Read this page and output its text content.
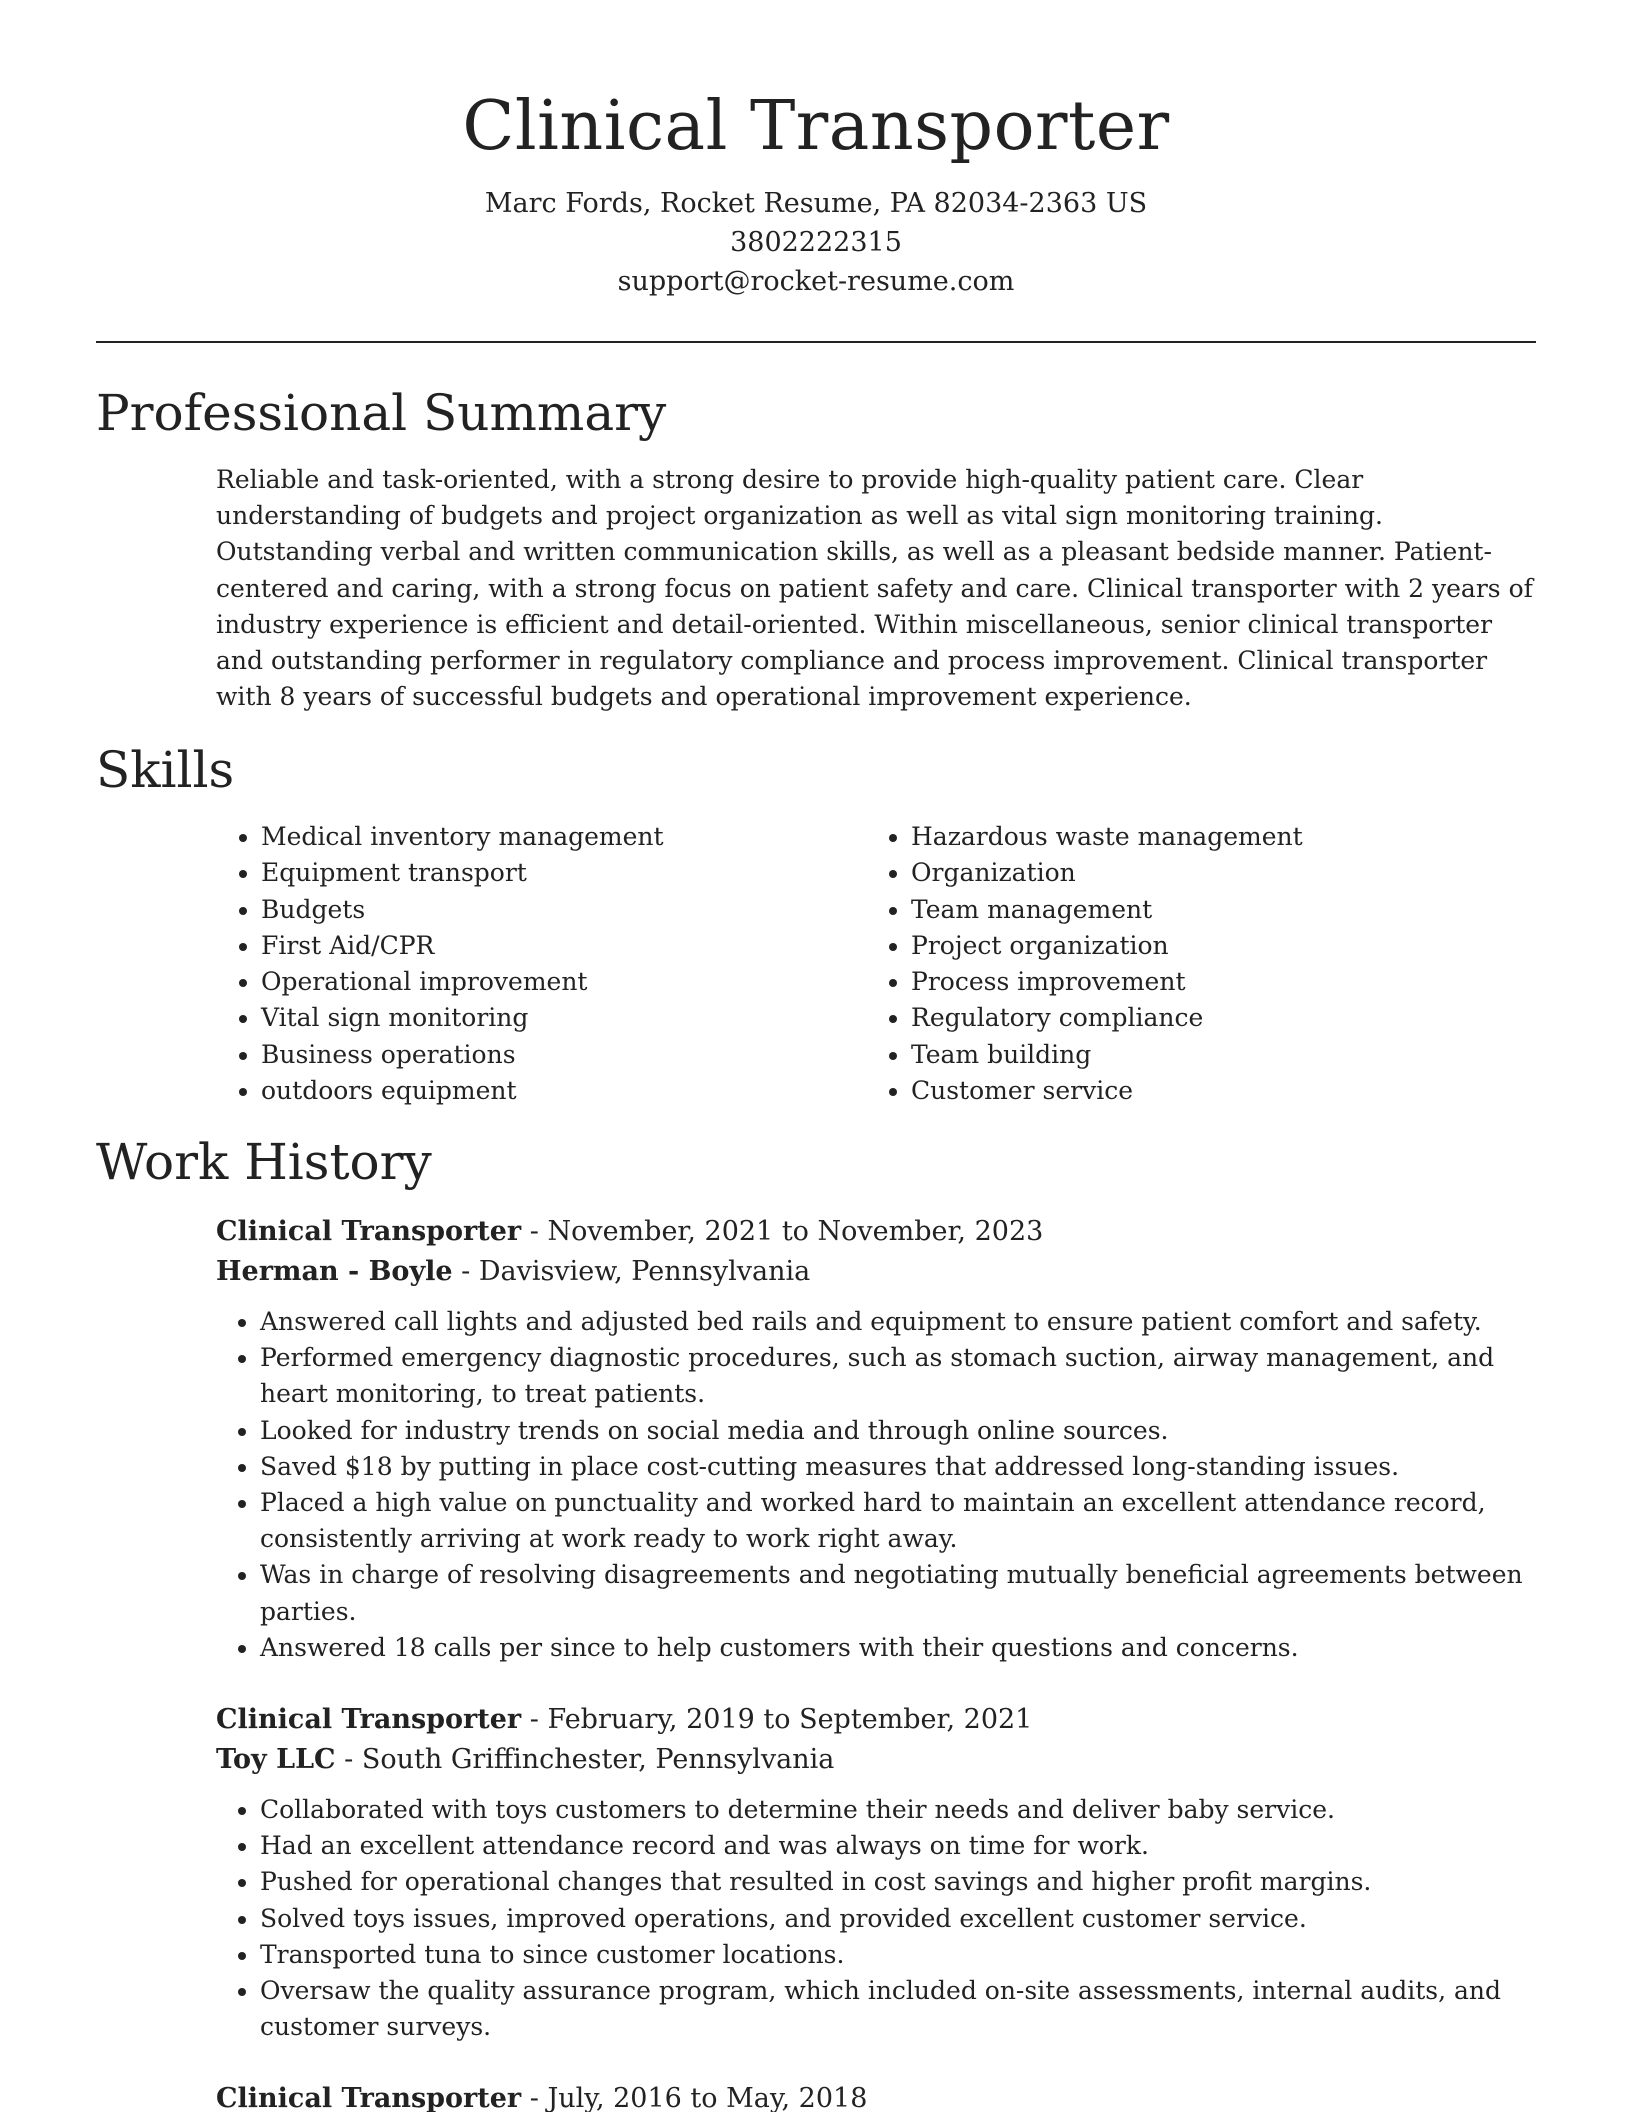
Clinical Transporter
Marc Fords, Rocket Resume, PA 82034-2363 US
3802222315
support@rocket-resume.com
Professional Summary

Reliable and task-oriented, with a strong desire to provide high-quality patient care. Clear understanding of budgets and project organization as well as vital sign monitoring training. Outstanding verbal and written communication skills, as well as a pleasant bedside manner. Patient-centered and caring, with a strong focus on patient safety and care. Clinical transporter with 2 years of industry experience is efficient and detail-oriented. Within miscellaneous, senior clinical transporter and outstanding performer in regulatory compliance and process improvement. Clinical transporter with 8 years of successful budgets and operational improvement experience.

Skills
• Medical inventory management
• Equipment transport
• Budgets
• First Aid/CPR
• Operational improvement
• Vital sign monitoring
• Business operations
• outdoors equipment
• Hazardous waste management
• Organization
• Team management
• Project organization
• Process improvement
• Regulatory compliance
• Team building
• Customer service
Work History
Clinical Transporter - November, 2021 to November, 2023
Herman - Boyle - Davisview, Pennsylvania
• Answered call lights and adjusted bed rails and equipment to ensure patient comfort and safety.
• Performed emergency diagnostic procedures, such as stomach suction, airway management, and heart monitoring, to treat patients.
• Looked for industry trends on social media and through online sources.
• Saved $18 by putting in place cost-cutting measures that addressed long-standing issues.
• Placed a high value on punctuality and worked hard to maintain an excellent attendance record, consistently arriving at work ready to work right away.
• Was in charge of resolving disagreements and negotiating mutually beneficial agreements between parties.
• Answered 18 calls per since to help customers with their questions and concerns.
Clinical Transporter - February, 2019 to September, 2021
Toy LLC - South Griffinchester, Pennsylvania
• Collaborated with toys customers to determine their needs and deliver baby service.
• Had an excellent attendance record and was always on time for work.
• Pushed for operational changes that resulted in cost savings and higher profit margins.
• Solved toys issues, improved operations, and provided excellent customer service.
• Transported tuna to since customer locations.
• Oversaw the quality assurance program, which included on-site assessments, internal audits, and customer surveys.
Clinical Transporter - July, 2016 to May, 2018
